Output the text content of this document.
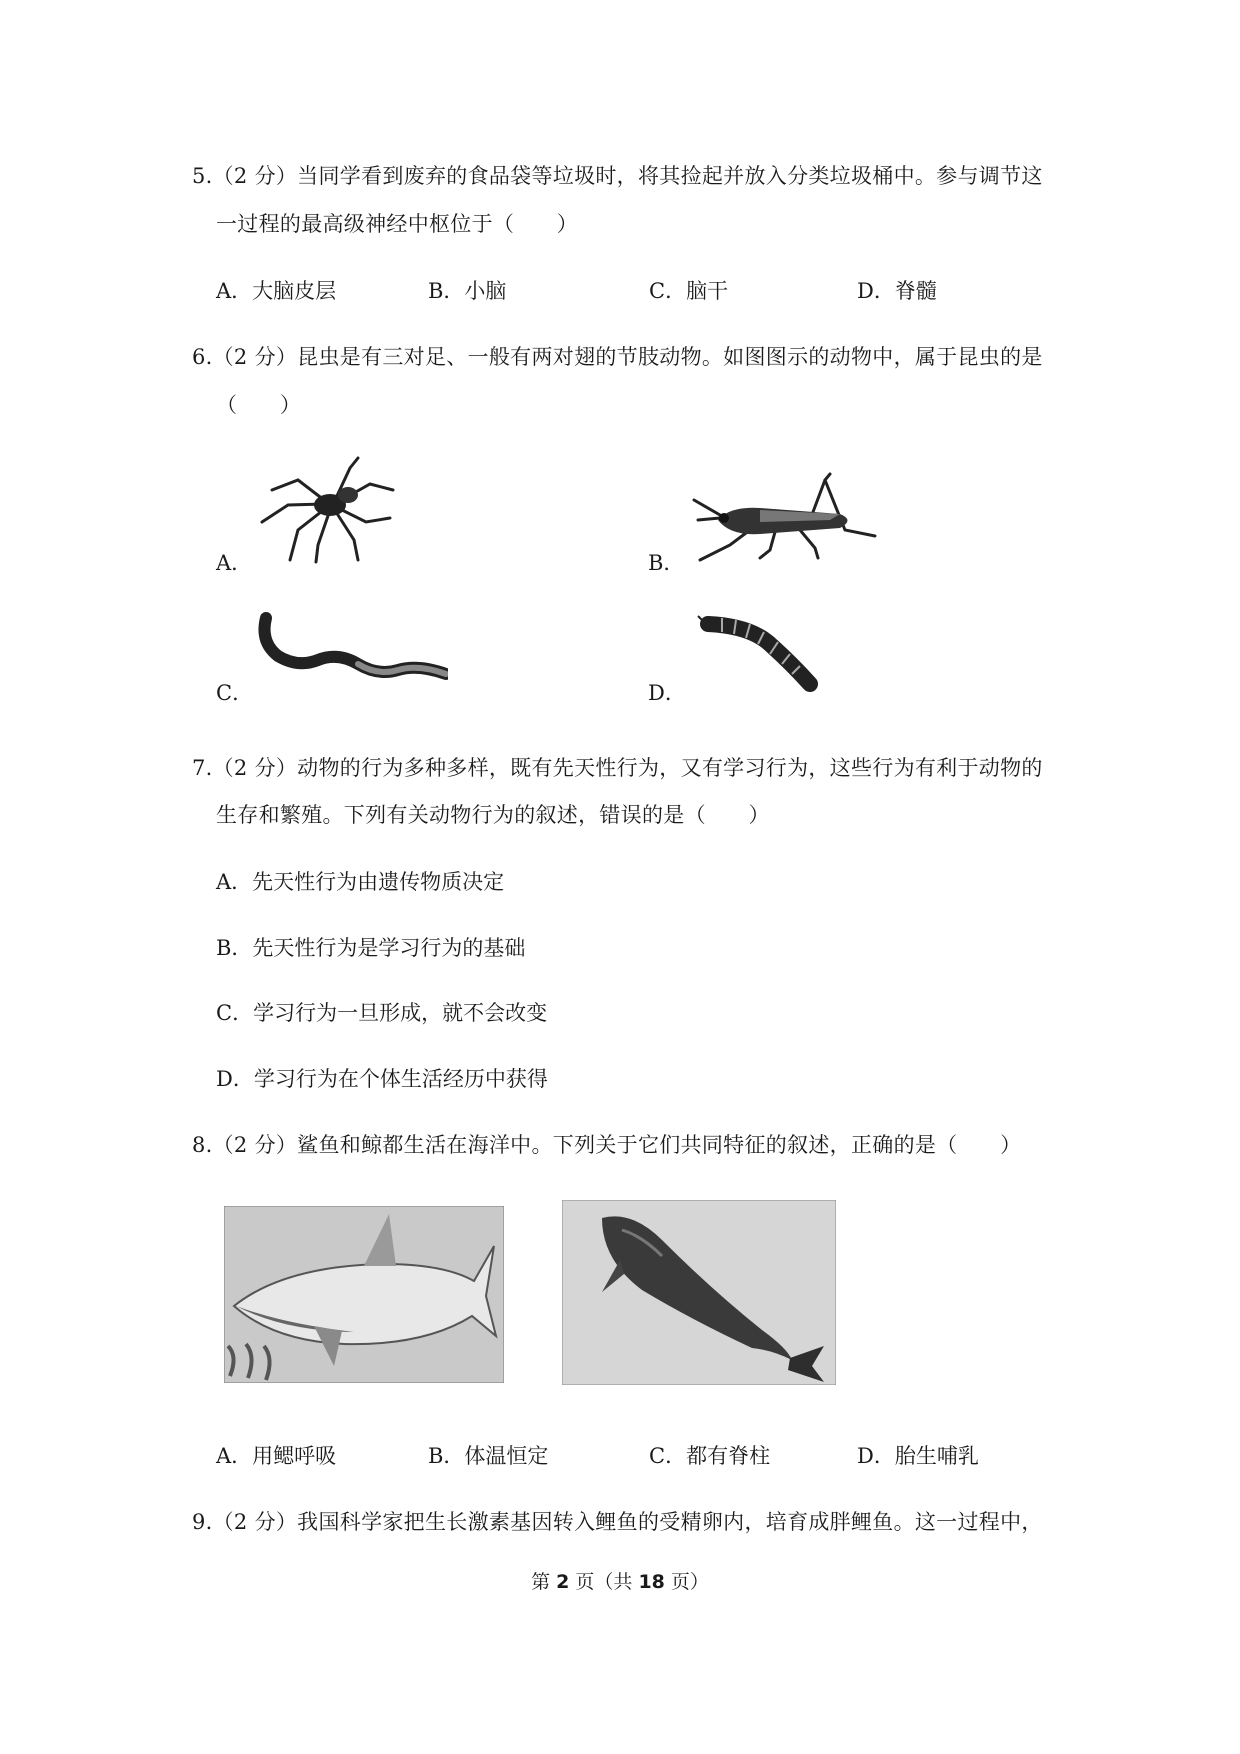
5.（2 分）当同学看到废弃的食品袋等垃圾时，将其捡起并放入分类垃圾桶中。参与调节这
一过程的最高级神经中枢位于（　　）
A．大脑皮层	B．小脑	C．脑干	D．脊髓
6.（2 分）昆虫是有三对足、一般有两对翅的节肢动物。如图图示的动物中，属于昆虫的是
（　　）
A．	B．
C．	D．
7.（2 分）动物的行为多种多样，既有先天性行为，又有学习行为，这些行为有利于动物的
生存和繁殖。下列有关动物行为的叙述，错误的是（　　）
A．先天性行为由遗传物质决定
B．先天性行为是学习行为的基础
C．学习行为一旦形成，就不会改变
D．学习行为在个体生活经历中获得
8.（2 分）鲨鱼和鲸都生活在海洋中。下列关于它们共同特征的叙述，正确的是（　　）
A．用鳃呼吸	B．体温恒定	C．都有脊柱	D．胎生哺乳
9.（2 分）我国科学家把生长激素基因转入鲤鱼的受精卵内，培育成胖鲤鱼。这一过程中，
第 2 页（共 18 页）
